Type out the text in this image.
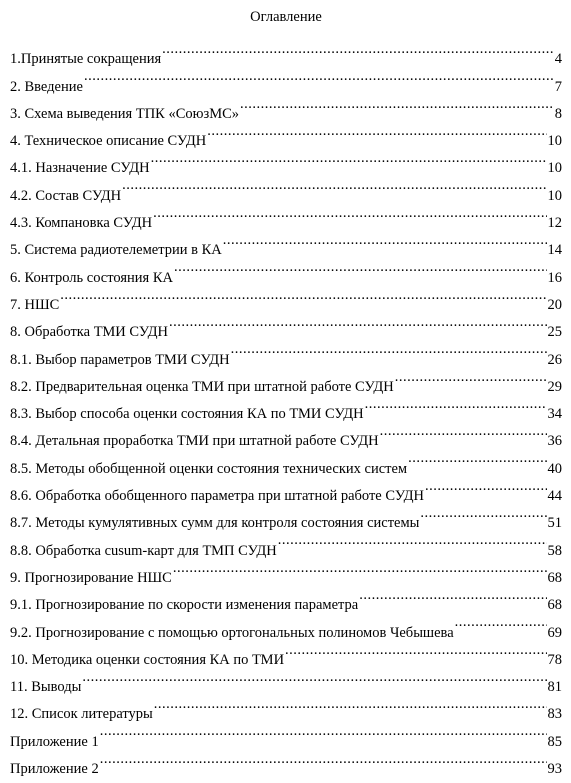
Оглавление
1.Принятые сокращения .....	4
2. Введение .....	7
3. Схема выведения ТПК «СоюзМС» .....	8
4. Техническое описание СУДН .....	10
4.1. Назначение СУДН .....	10
4.2. Состав СУДН .....	10
4.3. Компановка СУДН .....	12
5. Система радиотелеметрии в КА .....	14
6. Контроль состояния КА .....	16
7. НШС .....	20
8. Обработка ТМИ СУДН .....	25
8.1. Выбор параметров ТМИ СУДН .....	26
8.2. Предварительная оценка ТМИ при штатной работе СУДН .....	29
8.3. Выбор способа оценки состояния КА по ТМИ СУДН .....	34
8.4. Детальная проработка ТМИ при штатной работе СУДН .....	36
8.5. Методы обобщенной оценки состояния технических систем .....	40
8.6. Обработка обобщенного параметра при штатной работе СУДН .....	44
8.7. Методы кумулятивных сумм для контроля состояния системы .....	51
8.8. Обработка cusum-карт для ТМП СУДН .....	58
9. Прогнозирование НШС .....	68
9.1. Прогнозирование по скорости изменения параметра .....	68
9.2. Прогнозирование с помощью ортогональных полиномов Чебышева .....	69
10. Методика оценки состояния КА по ТМИ .....	78
11. Выводы .....	81
12. Список литературы .....	83
Приложение 1 .....	85
Приложение 2 .....	93
